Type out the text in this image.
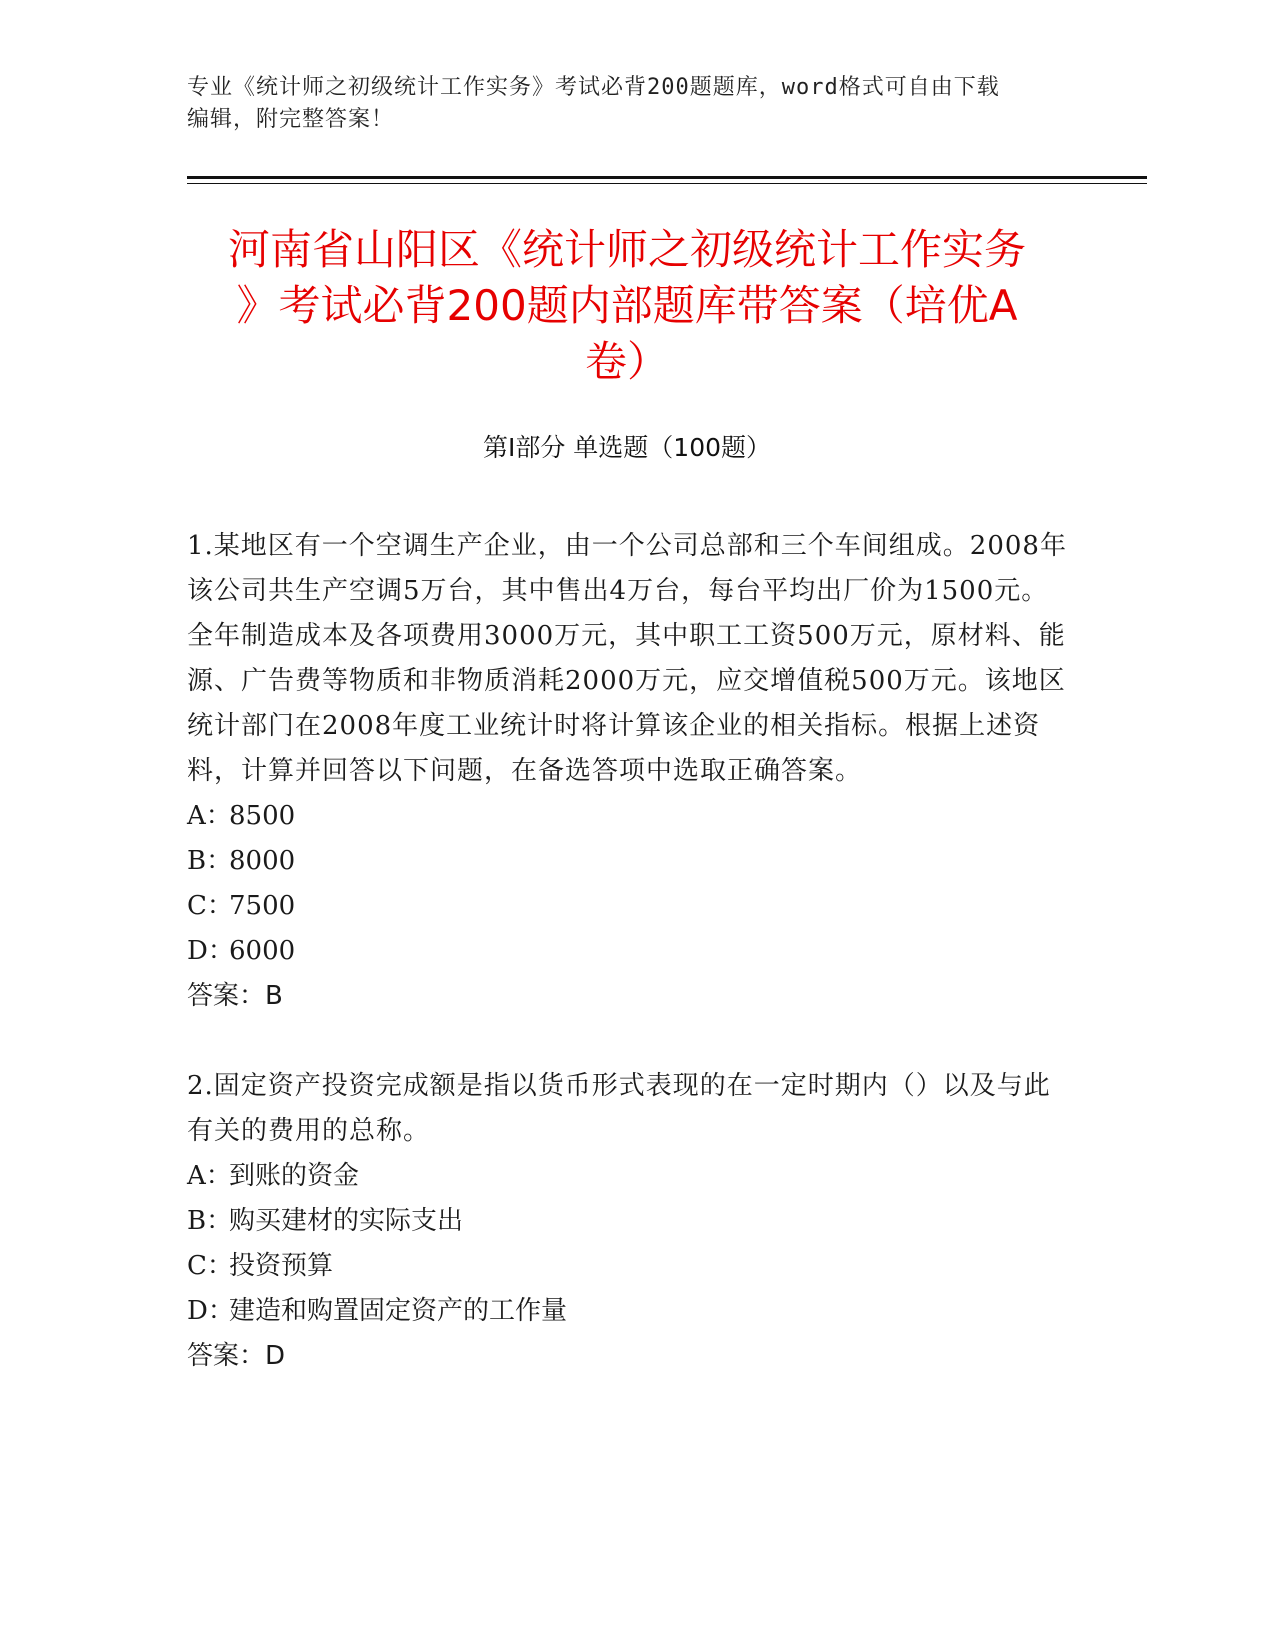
专业《统计师之初级统计工作实务》考试必背200题题库，word格式可自由下载
编辑，附完整答案！
河南省山阳区《统计师之初级统计工作实务
》考试必背200题内部题库带答案（培优A
卷）
第Ⅰ部分 单选题（100题）

1.某地区有一个空调生产企业，由一个公司总部和三个车间组成。2008年该公司共生产空调5万台，其中售出4万台，每台平均出厂价为1500元。全年制造成本及各项费用3000万元，其中职工工资500万元，原材料、能源、广告费等物质和非物质消耗2000万元，应交增值税500万元。该地区统计部门在2008年度工业统计时将计算该企业的相关指标。根据上述资料，计算并回答以下问题，在备选答项中选取正确答案。

A：8500

B：8000

C：7500

D：6000

答案：B

2.固定资产投资完成额是指以货币形式表现的在一定时期内（）以及与此有关的费用的总称。

A：到账的资金

B：购买建材的实际支出

C：投资预算

D：建造和购置固定资产的工作量

答案：D
